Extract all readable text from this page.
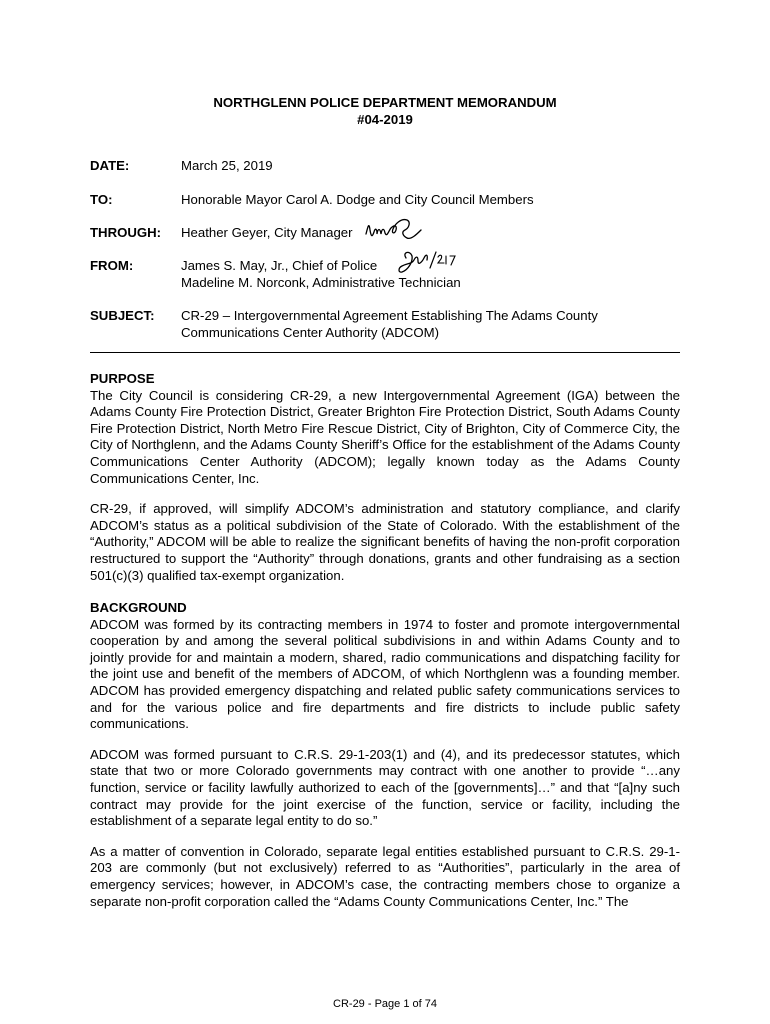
NORTHGLENN POLICE DEPARTMENT MEMORANDUM
#04-2019
DATE:	March 25, 2019
TO:	Honorable Mayor Carol A. Dodge and City Council Members
THROUGH: Heather Geyer, City Manager
FROM:	James S. May, Jr., Chief of Police
Madeline M. Norconk, Administrative Technician
SUBJECT: CR-29 – Intergovernmental Agreement Establishing The Adams County
Communications Center Authority (ADCOM)

PURPOSE

The City Council is considering CR-29, a new Intergovernmental Agreement (IGA) between the Adams County Fire Protection District, Greater Brighton Fire Protection District, South Adams County Fire Protection District, North Metro Fire Rescue District, City of Brighton, City of Commerce City, the City of Northglenn, and the Adams County Sheriff’s Office for the establishment of the Adams County Communications Center Authority (ADCOM); legally known today as the Adams County Communications Center, Inc.

CR-29, if approved, will simplify ADCOM’s administration and statutory compliance, and clarify ADCOM’s status as a political subdivision of the State of Colorado. With the establishment of the “Authority,” ADCOM will be able to realize the significant benefits of having the non-profit corporation restructured to support the “Authority” through donations, grants and other fundraising as a section 501(c)(3) qualified tax-exempt organization.

BACKGROUND

ADCOM was formed by its contracting members in 1974 to foster and promote intergovernmental cooperation by and among the several political subdivisions in and within Adams County and to jointly provide for and maintain a modern, shared, radio communications and dispatching facility for the joint use and benefit of the members of ADCOM, of which Northglenn was a founding member. ADCOM has provided emergency dispatching and related public safety communications services to and for the various police and fire departments and fire districts to include public safety communications.

ADCOM was formed pursuant to C.R.S. 29-1-203(1) and (4), and its predecessor statutes, which state that two or more Colorado governments may contract with one another to provide “…any function, service or facility lawfully authorized to each of the [governments]…” and that “[a]ny such contract may provide for the joint exercise of the function, service or facility, including the establishment of a separate legal entity to do so.”

As a matter of convention in Colorado, separate legal entities established pursuant to C.R.S. 29-1-203 are commonly (but not exclusively) referred to as “Authorities”, particularly in the area of emergency services; however, in ADCOM’s case, the contracting members chose to organize a separate non-profit corporation called the “Adams County Communications Center, Inc.” The

CR-29 - Page 1 of 74
